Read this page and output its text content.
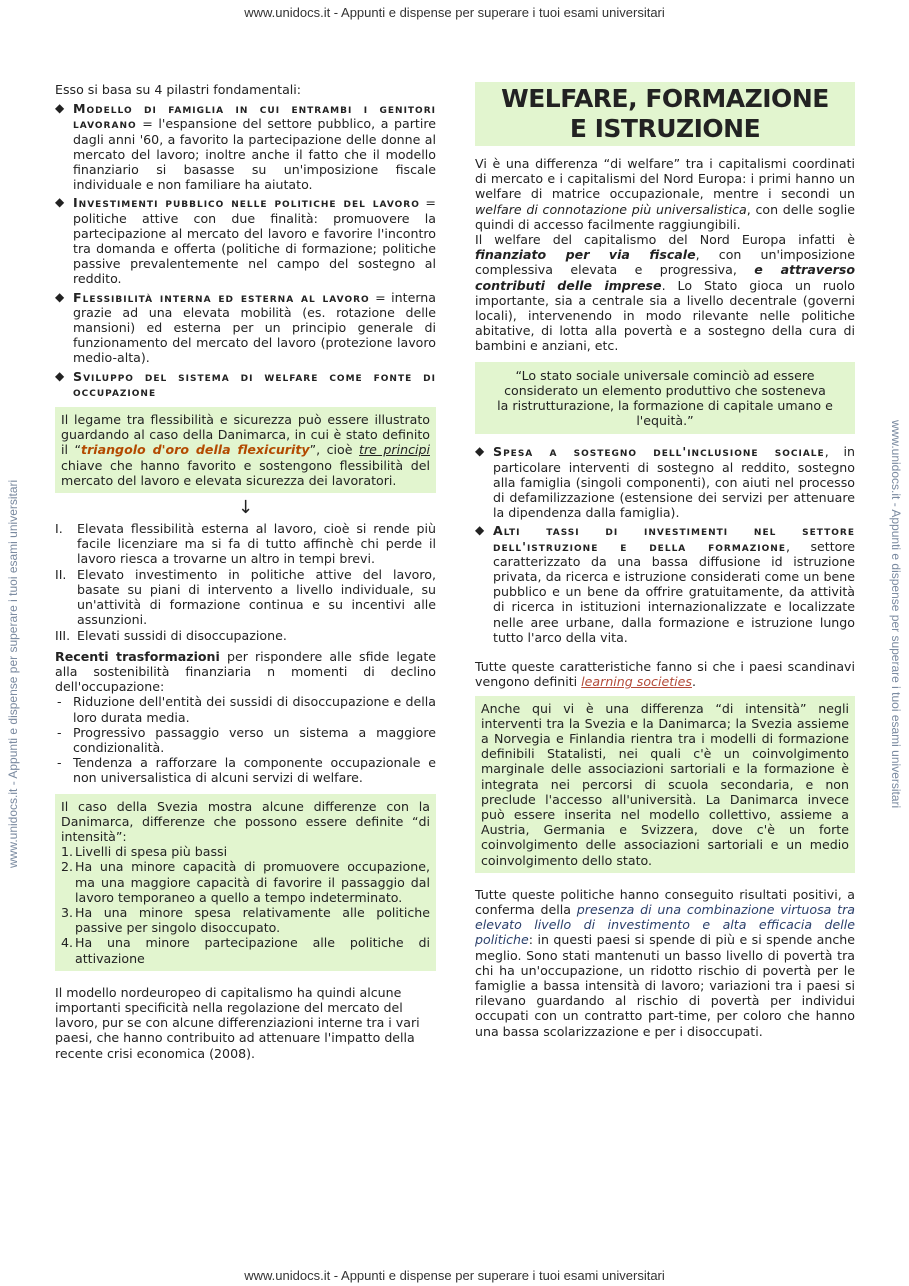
www.unidocs.it - Appunti e dispense per superare i tuoi esami universitari
www.unidocs.it - Appunti e dispense per superare i tuoi esami universitari
www.unidocs.it - Appunti e dispense per superare i tuoi esami universitari	www.unidocs.it - Appunti e dispense per superare i tuoi esami universitari

Esso si basa su 4 pilastri fondamentali:

◆ Modello di famiglia in cui entrambi i genitori lavorano = l'espansione del settore pubblico, a partire dagli anni '60, a favorito la partecipazione delle donne al mercato del lavoro; inoltre anche il fatto che il modello finanziario si basasse su un'imposizione fiscale individuale e non familiare ha aiutato.
◆ Investimenti pubblico nelle politiche del lavoro = politiche attive con due finalità: promuovere la partecipazione al mercato del lavoro e favorire l'incontro tra domanda e offerta (politiche di formazione; politiche passive prevalentemente nel campo del sostegno al reddito.
◆ Flessibilità interna ed esterna al lavoro = interna grazie ad una elevata mobilità (es. rotazione delle mansioni) ed esterna per un principio generale di funzionamento del mercato del lavoro (protezione lavoro medio-alta).
◆ Sviluppo del sistema di welfare come fonte di occupazione
Il legame tra flessibilità e sicurezza può essere illustrato guardando al caso della Danimarca, in cui è stato definito il “triangolo d'oro della flexicurity”, cioè tre principi chiave che hanno favorito e sostengono flessibilità del mercato del lavoro e elevata sicurezza dei lavoratori.
↓
I. Elevata flessibilità esterna al lavoro, cioè si rende più facile licenziare ma si fa di tutto affinchè chi perde il lavoro riesca a trovarne un altro in tempi brevi.
II. Elevato investimento in politiche attive del lavoro, basate su piani di intervento a livello individuale, su un'attività di formazione continua e su incentivi alle assunzioni.
III. Elevati sussidi di disoccupazione.

Recenti trasformazioni per rispondere alle sfide legate alla sostenibilità finanziaria n momenti di declino dell'occupazione:

- Riduzione dell'entità dei sussidi di disoccupazione e della loro durata media.
- Progressivo passaggio verso un sistema a maggiore condizionalità.
- Tendenza a rafforzare la componente occupazionale e non universalistica di alcuni servizi di welfare.

Il caso della Svezia mostra alcune differenze con la Danimarca, differenze che possono essere definite “di intensità”:

1. Livelli di spesa più bassi
2. Ha una minore capacità di promuovere occupazione, ma una maggiore capacità di favorire il passaggio dal lavoro temporaneo a quello a tempo indeterminato.
3. Ha una minore spesa relativamente alle politiche passive per singolo disoccupato.
4. Ha una minore partecipazione alle politiche di attivazione

Il modello nordeuropeo di capitalismo ha quindi alcune importanti specificità nella regolazione del mercato del lavoro, pur se con alcune differenziazioni interne tra i vari paesi, che hanno contribuito ad attenuare l'impatto della recente crisi economica (2008).

WELFARE, FORMAZIONE
E ISTRUZIONE

Vi è una differenza “di welfare” tra i capitalismi coordinati di mercato e i capitalismi del Nord Europa: i primi hanno un welfare di matrice occupazionale, mentre i secondi un welfare di connotazione più universalistica, con delle soglie quindi di accesso facilmente raggiungibili.

Il welfare del capitalismo del Nord Europa infatti è finanziato per via fiscale, con un'imposizione complessiva elevata e progressiva, e attraverso contributi delle imprese. Lo Stato gioca un ruolo importante, sia a centrale sia a livello decentrale (governi locali), intervenendo in modo rilevante nelle politiche abitative, di lotta alla povertà e a sostegno della cura di bambini e anziani, etc.

“Lo stato sociale universale cominciò ad essere considerato un elemento produttivo che sosteneva la ristrutturazione, la formazione di capitale umano e l'equità.”
◆ Spesa a sostegno dell'inclusione sociale, in particolare interventi di sostegno al reddito, sostegno alla famiglia (singoli componenti), con aiuti nel processo di defamilizzazione (estensione dei servizi per attenuare la dipendenza dalla famiglia).
◆ Alti tassi di investimenti nel settore dell'istruzione e della formazione, settore caratterizzato da una bassa diffusione id istruzione privata, da ricerca e istruzione considerati come un bene pubblico e un bene da offrire gratuitamente, da attività di ricerca in istituzioni internazionalizzate e localizzate nelle aree urbane, dalla formazione e istruzione lungo tutto l'arco della vita.

Tutte queste caratteristiche fanno si che i paesi scandinavi vengono definiti learning societies.

Anche qui vi è una differenza “di intensità” negli interventi tra la Svezia e la Danimarca; la Svezia assieme a Norvegia e Finlandia rientra tra i modelli di formazione definibili Statalisti, nei quali c'è un coinvolgimento marginale delle associazioni sartoriali e la formazione è integrata nei percorsi di scuola secondaria, e non preclude l'accesso all'università. La Danimarca invece può essere inserita nel modello collettivo, assieme a Austria, Germania e Svizzera, dove c'è un forte coinvolgimento delle associazioni sartoriali e un medio coinvolgimento dello stato.

Tutte queste politiche hanno conseguito risultati positivi, a conferma della presenza di una combinazione virtuosa tra elevato livello di investimento e alta efficacia delle politiche: in questi paesi si spende di più e si spende anche meglio. Sono stati mantenuti un basso livello di povertà tra chi ha un'occupazione, un ridotto rischio di povertà per le famiglie a bassa intensità di lavoro; variazioni tra i paesi si rilevano guardando al rischio di povertà per individui occupati con un contratto part-time, per coloro che hanno una bassa scolarizzazione e per i disoccupati.
